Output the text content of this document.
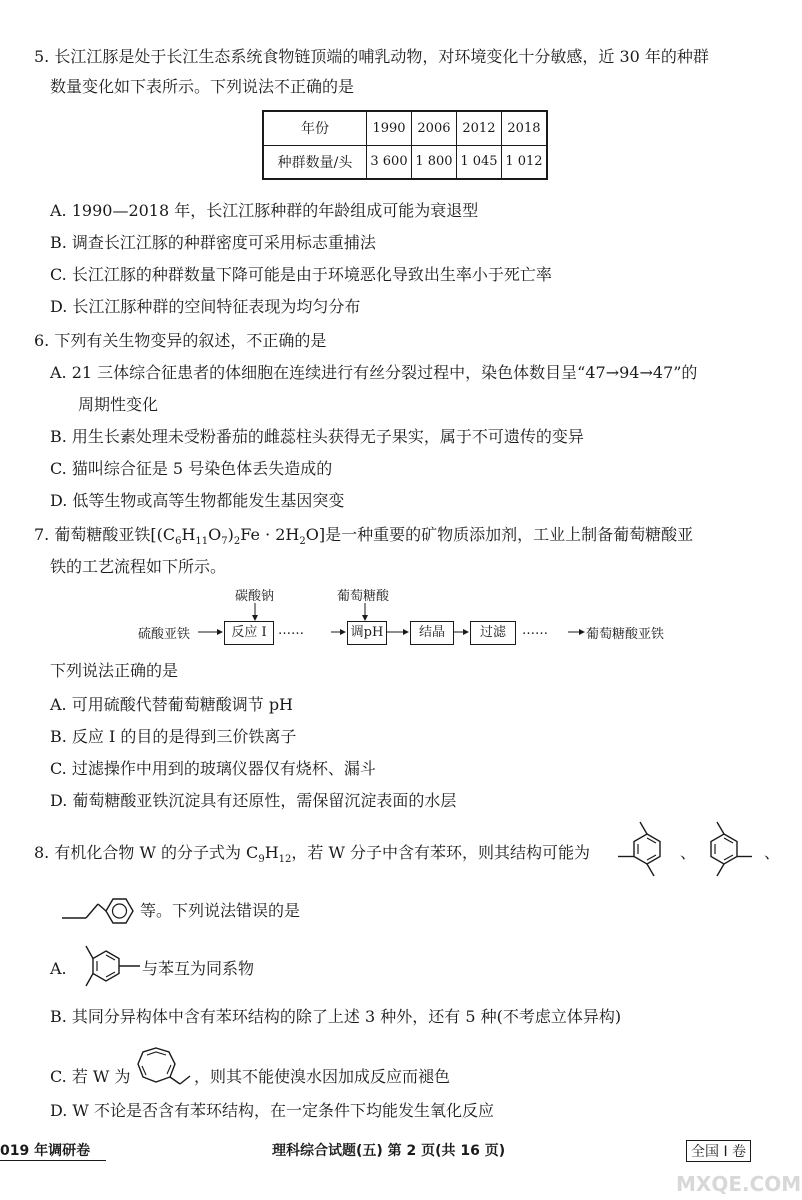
5. 长江江豚是处于长江生态系统食物链顶端的哺乳动物，对环境变化十分敏感，近 30 年的种群
数量变化如下表所示。下列说法不正确的是
年份	1990	2006	2012	2018
种群数量/头	3 600	1 800	1 045	1 012
A. 1990—2018 年，长江江豚种群的年龄组成可能为衰退型
B. 调查长江江豚的种群密度可采用标志重捕法
C. 长江江豚的种群数量下降可能是由于环境恶化导致出生率小于死亡率
D. 长江江豚种群的空间特征表现为均匀分布
6. 下列有关生物变异的叙述，不正确的是
A. 21 三体综合征患者的体细胞在连续进行有丝分裂过程中，染色体数目呈“47→94→47”的
周期性变化
B. 用生长素处理未受粉番茄的雌蕊柱头获得无子果实，属于不可遗传的变异
C. 猫叫综合征是 5 号染色体丢失造成的
D. 低等生物或高等生物都能发生基因突变
7. 葡萄糖酸亚铁$[(C_6H_{11}O_7)_2Fe \cdot 2H_2O]$是一种重要的矿物质添加剂，工业上制备葡萄糖酸亚
铁的工艺流程如下所示。
碳酸钠	葡萄糖酸
硫酸亚铁	反应 I ……	调pH	结晶	过滤	……	葡萄糖酸亚铁
下列说法正确的是
A. 可用硫酸代替葡萄糖酸调节 pH
B. 反应 I 的目的是得到三价铁离子
C. 过滤操作中用到的玻璃仪器仅有烧杯、漏斗
D. 葡萄糖酸亚铁沉淀具有还原性，需保留沉淀表面的水层
8. 有机化合物 W 的分子式为 $C_9H_{12}$，若 W 分子中含有苯环，则其结构可能为	、	、
等。下列说法错误的是
A.	与苯互为同系物
B. 其同分异构体中含有苯环结构的除了上述 3 种外，还有 5 种(不考虑立体异构)
C. 若 W 为	，则其不能使溴水因加成反应而褪色
D. W 不论是否含有苯环结构，在一定条件下均能发生氧化反应
019 年调研卷	理科综合试题(五) 第 2 页(共 16 页)	全国 I 卷
MXQE.COM
